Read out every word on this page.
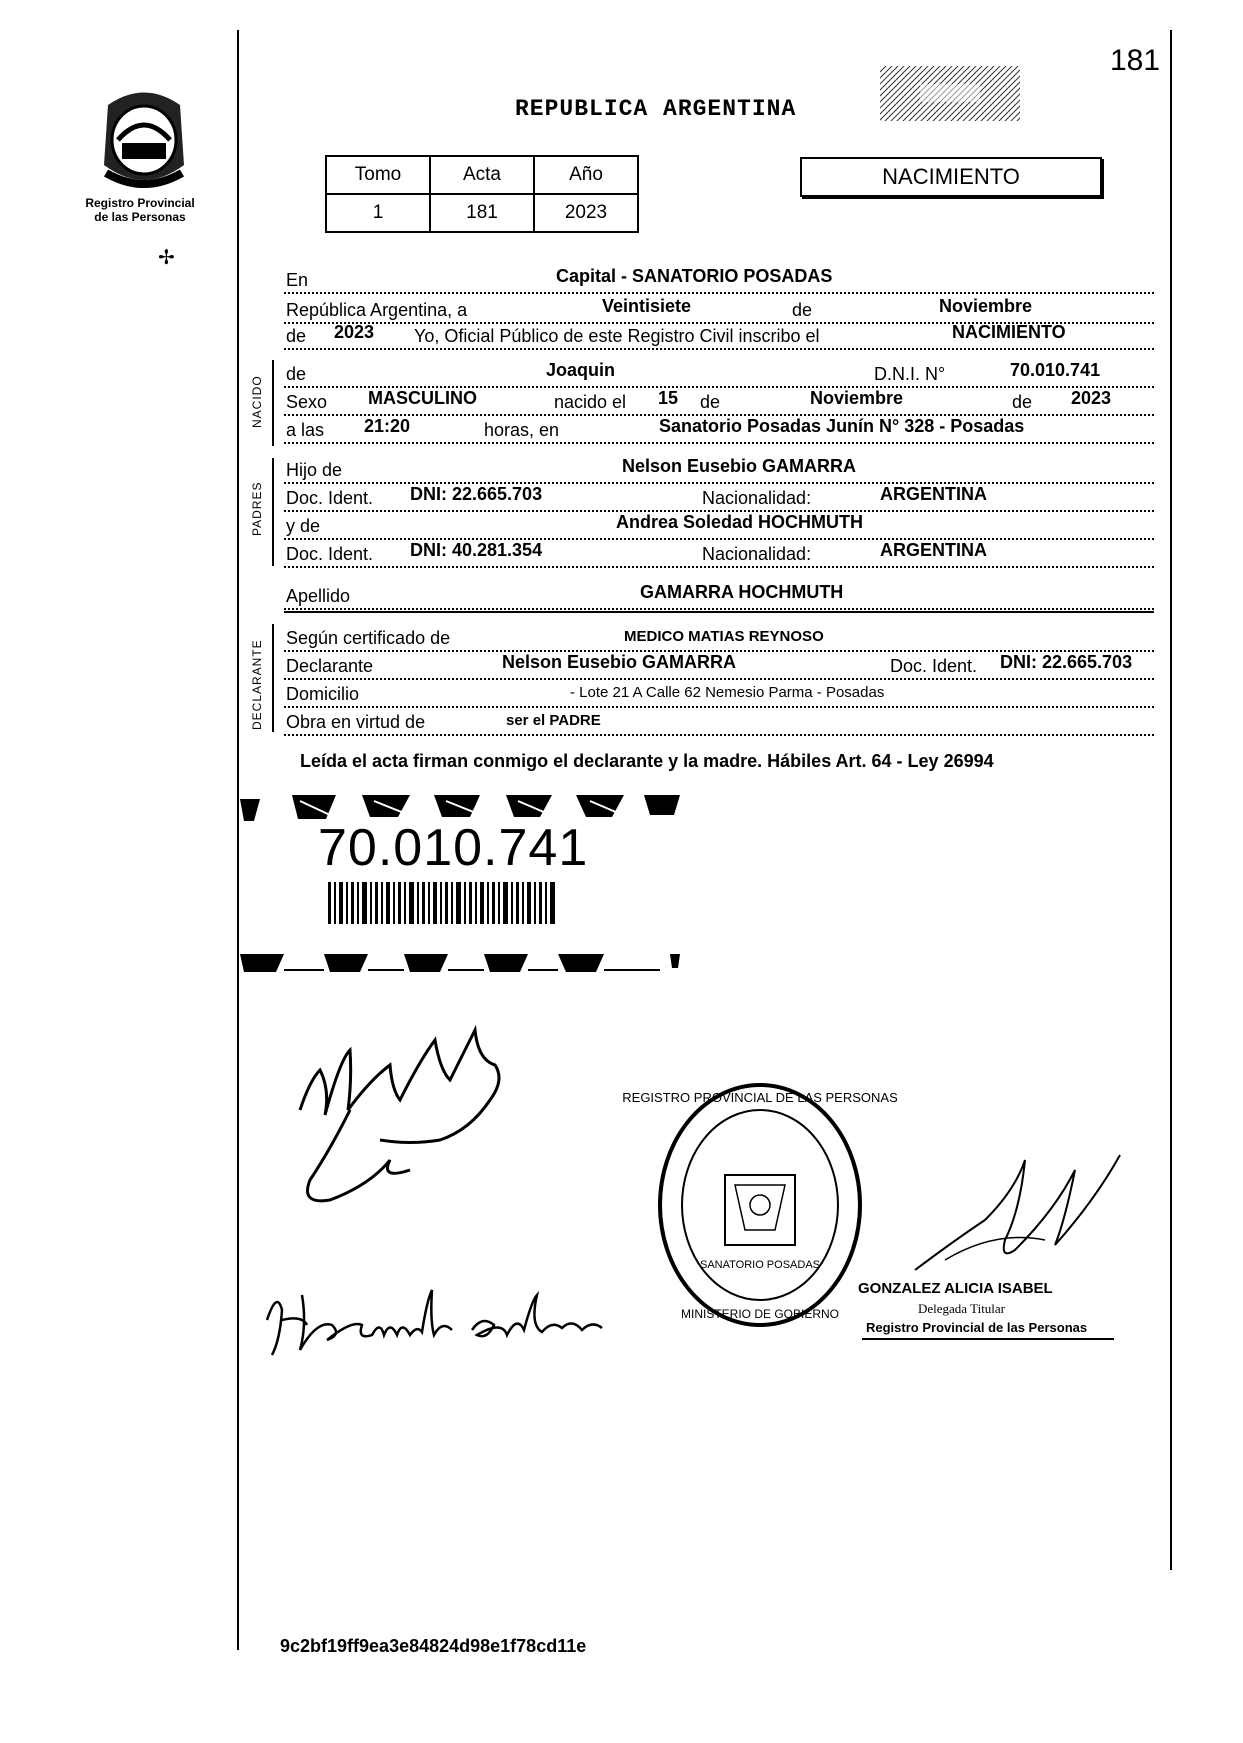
Registro Provincial
de las Personas
✢
REPUBLICA ARGENTINA
181
Tomo	Acta	Año
1	181	2023
NACIMIENTO
En	Capital - SANATORIO POSADAS
República Argentina, a	Veintisiete	de	Noviembre
de 2023 Yo, Oficial Público de este Registro Civil inscribo el	NACIMIENTO
NACIDO
de	Joaquin	D.N.I. N°	70.010.741
Sexo MASCULINO	nacido el 15 de	Noviembre	de 2023
a las 21:20	horas, en	Sanatorio Posadas Junín N° 328 - Posadas
PADRES
Hijo de	Nelson Eusebio GAMARRA
Doc. Ident. DNI: 22.665.703	Nacionalidad:	ARGENTINA
y de	Andrea Soledad HOCHMUTH
Doc. Ident. DNI: 40.281.354	Nacionalidad:	ARGENTINA
Apellido	GAMARRA HOCHMUTH
DECLARANTE
Según certificado de	MEDICO MATIAS REYNOSO
Declarante	Nelson Eusebio GAMARRA	Doc. Ident. DNI: 22.665.703
Domicilio	- Lote 21 A Calle 62 Nemesio Parma - Posadas
Obra en virtud de	ser el PADRE
Leída el acta firman conmigo el declarante y la madre. Hábiles Art. 64 - Ley 26994
70.010.741
REGISTRO PROVINCIAL DE LAS PERSONAS
SANATORIO POSADAS
MINISTERIO DE GOBIERNO
GONZALEZ ALICIA ISABEL
Delegada Titular
Registro Provincial de las Personas
9c2bf19ff9ea3e84824d98e1f78cd11e
